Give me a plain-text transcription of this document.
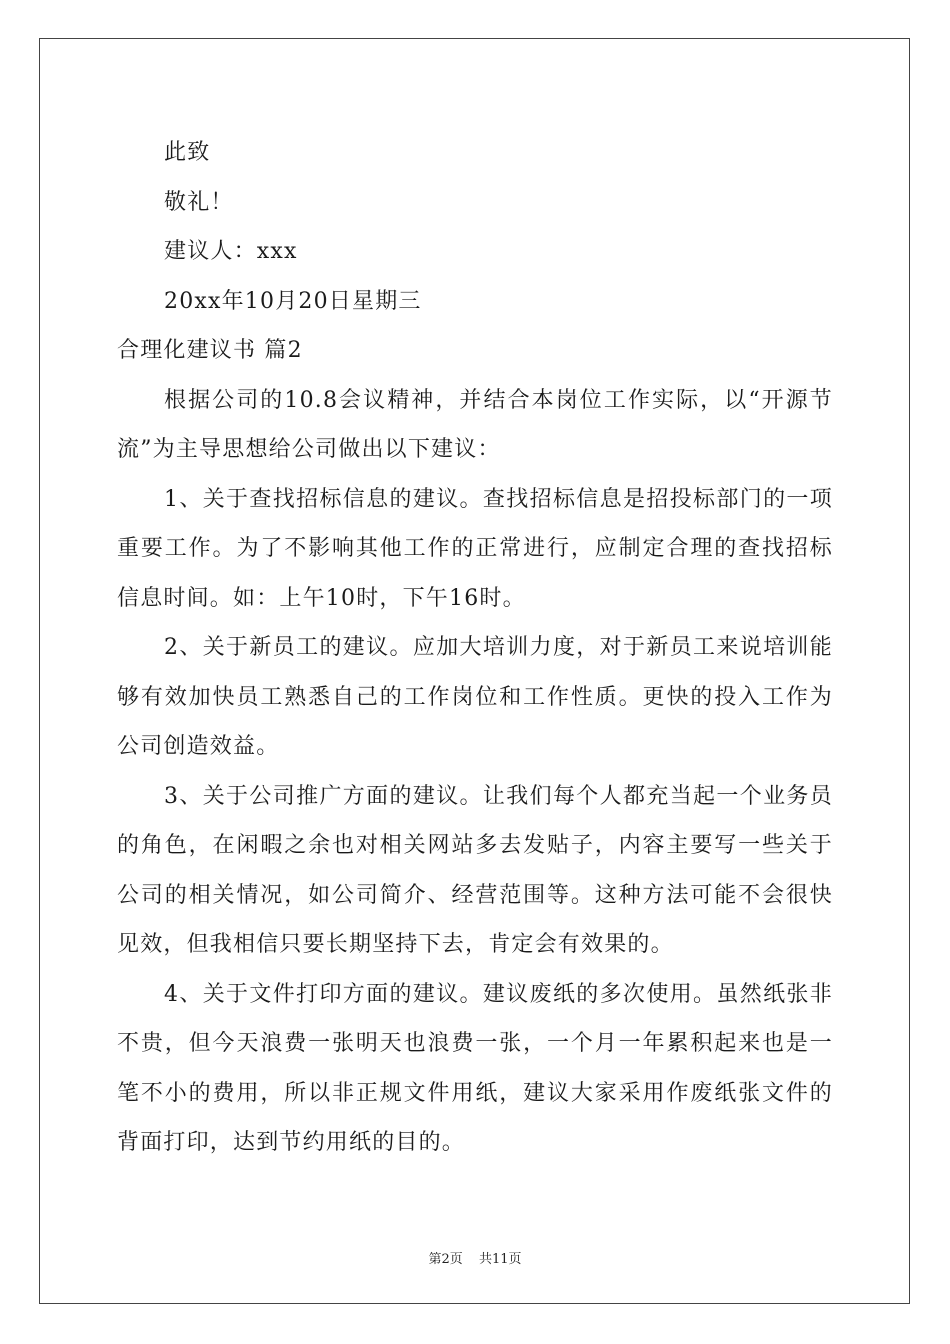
此致

敬礼！

建议人：xxx

20xx年10月20日星期三

合理化建议书 篇2

根据公司的10.8会议精神，并结合本岗位工作实际，以“开源节流”为主导思想给公司做出以下建议：

1、关于查找招标信息的建议。查找招标信息是招投标部门的一项重要工作。为了不影响其他工作的正常进行，应制定合理的查找招标信息时间。如：上午10时，下午16时。

2、关于新员工的建议。应加大培训力度，对于新员工来说培训能够有效加快员工熟悉自己的工作岗位和工作性质。更快的投入工作为公司创造效益。

3、关于公司推广方面的建议。让我们每个人都充当起一个业务员的角色，在闲暇之余也对相关网站多去发贴子，内容主要写一些关于公司的相关情况，如公司简介、经营范围等。这种方法可能不会很快见效，但我相信只要长期坚持下去，肯定会有效果的。

4、关于文件打印方面的建议。建议废纸的多次使用。虽然纸张非不贵，但今天浪费一张明天也浪费一张，一个月一年累积起来也是一笔不小的费用，所以非正规文件用纸，建议大家采用作废纸张文件的背面打印，达到节约用纸的目的。

第2页 共11页
